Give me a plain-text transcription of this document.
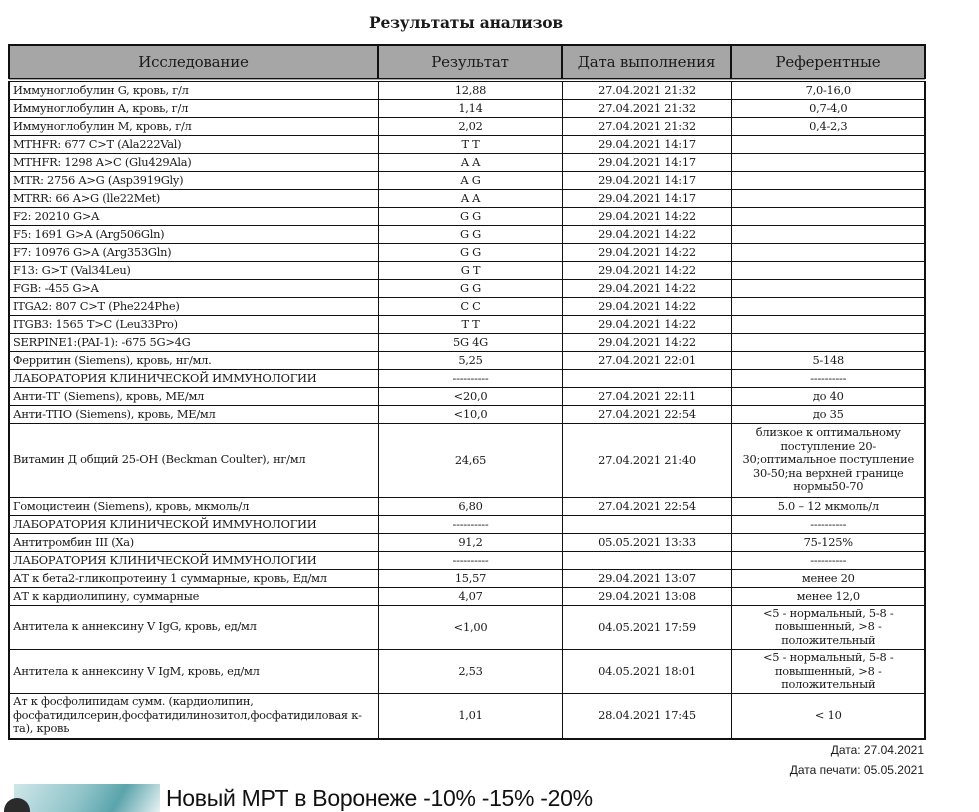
Результаты анализов
Исследование	Результат	Дата выполнения	Референтные
Иммуноглобулин G, кровь, г/л	12,88	27.04.2021 21:32	7,0-16,0
Иммуноглобулин A, кровь, г/л	1,14	27.04.2021 21:32	0,7-4,0
Иммуноглобулин M, кровь, г/л	2,02	27.04.2021 21:32	0,4-2,3
MTHFR: 677 C>T (Ala222Val)	T T	29.04.2021 14:17	
MTHFR: 1298 A>C (Glu429Ala)	A A	29.04.2021 14:17	
MTR: 2756 A>G (Asp3919Gly)	A G	29.04.2021 14:17	
MTRR: 66 A>G (lle22Met)	A A	29.04.2021 14:17	
F2: 20210 G>A	G G	29.04.2021 14:22	
F5: 1691 G>A (Arg506Gln)	G G	29.04.2021 14:22	
F7: 10976 G>A (Arg353Gln)	G G	29.04.2021 14:22	
F13: G>T (Val34Leu)	G T	29.04.2021 14:22	
FGB: -455 G>A	G G	29.04.2021 14:22	
ITGA2: 807 C>T (Phe224Phe)	C C	29.04.2021 14:22	
ITGB3: 1565 T>C (Leu33Pro)	T T	29.04.2021 14:22	
SERPINE1:(PAI-1): -675 5G>4G	5G 4G	29.04.2021 14:22	
Ферритин (Siemens), кровь, нг/мл.	5,25	27.04.2021 22:01	5-148
ЛАБОРАТОРИЯ КЛИНИЧЕСКОЙ ИММУНОЛОГИИ	----------		----------
Анти-ТГ (Siemens), кровь, МЕ/мл	<20,0	27.04.2021 22:11	до 40
Анти-ТПО (Siemens), кровь, МЕ/мл	<10,0	27.04.2021 22:54	до 35
Витамин Д общий 25-OH (Beckman Coulter), нг/мл	24,65	27.04.2021 21:40	близкое к оптимальному поступление 20-30;оптимальное поступление 30-50;на верхней границе нормы50-70
Гомоцистеин (Siemens), кровь, мкмоль/л	6,80	27.04.2021 22:54	5.0 – 12 мкмоль/л
ЛАБОРАТОРИЯ КЛИНИЧЕСКОЙ ИММУНОЛОГИИ	----------		----------
Антитромбин III (Ха)	91,2	05.05.2021 13:33	75-125%
ЛАБОРАТОРИЯ КЛИНИЧЕСКОЙ ИММУНОЛОГИИ	----------		----------
АТ к бета2-гликопротеину 1 суммарные, кровь, Ед/мл	15,57	29.04.2021 13:07	менее 20
АТ к кардиолипину, суммарные	4,07	29.04.2021 13:08	менее 12,0
Антитела к аннексину V IgG, кровь, ед/мл	<1,00	04.05.2021 17:59	<5 - нормальный, 5-8 - повышенный, >8 - положительный
Антитела к аннексину V IgM, кровь, ед/мл	2,53	04.05.2021 18:01	<5 - нормальный, 5-8 - повышенный, >8 - положительный
Ат к фосфолипидам сумм. (кардиолипин, фосфатидилсерин,фосфатидилинозитол,фосфатидиловая к-та), кровь	1,01	28.04.2021 17:45	< 10
Дата: 27.04.2021
Дата печати: 05.05.2021
Новый МРТ в Воронеже -10% -15% -20%
